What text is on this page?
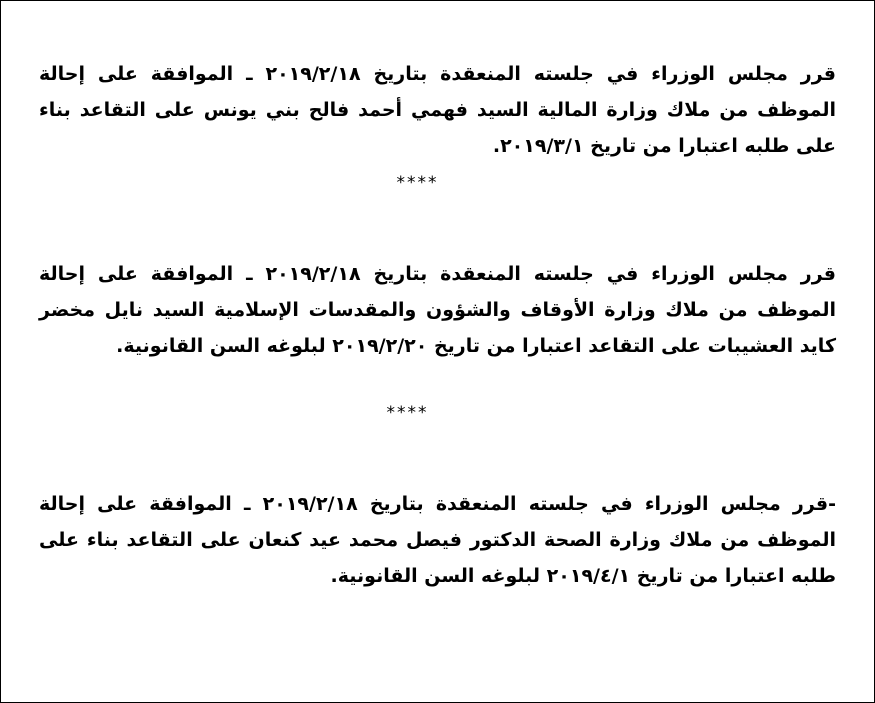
قرر مجلس الوزراء في جلسته المنعقدة بتاريخ ٢٠١٩/٢/١٨ ـ الموافقة على إحالة الموظف من ملاك وزارة المالية السيد فهمي أحمد فالح بني يونس على التقاعد بناء على طلبه اعتبارا من تاريخ ٢٠١٩/٣/١.

****

قرر مجلس الوزراء في جلسته المنعقدة بتاريخ ٢٠١٩/٢/١٨ ـ الموافقة على إحالة الموظف من ملاك وزارة الأوقاف والشؤون والمقدسات الإسلامية السيد نايل مخضر كايد العشيبات على التقاعد اعتبارا من تاريخ ٢٠١٩/٢/٢٠ لبلوغه السن القانونية.

****

-قرر مجلس الوزراء في جلسته المنعقدة بتاريخ ٢٠١٩/٢/١٨ ـ الموافقة على إحالة الموظف من ملاك وزارة الصحة الدكتور فيصل محمد عيد كنعان على التقاعد بناء على طلبه اعتبارا من تاريخ ٢٠١٩/٤/١ لبلوغه السن القانونية.
